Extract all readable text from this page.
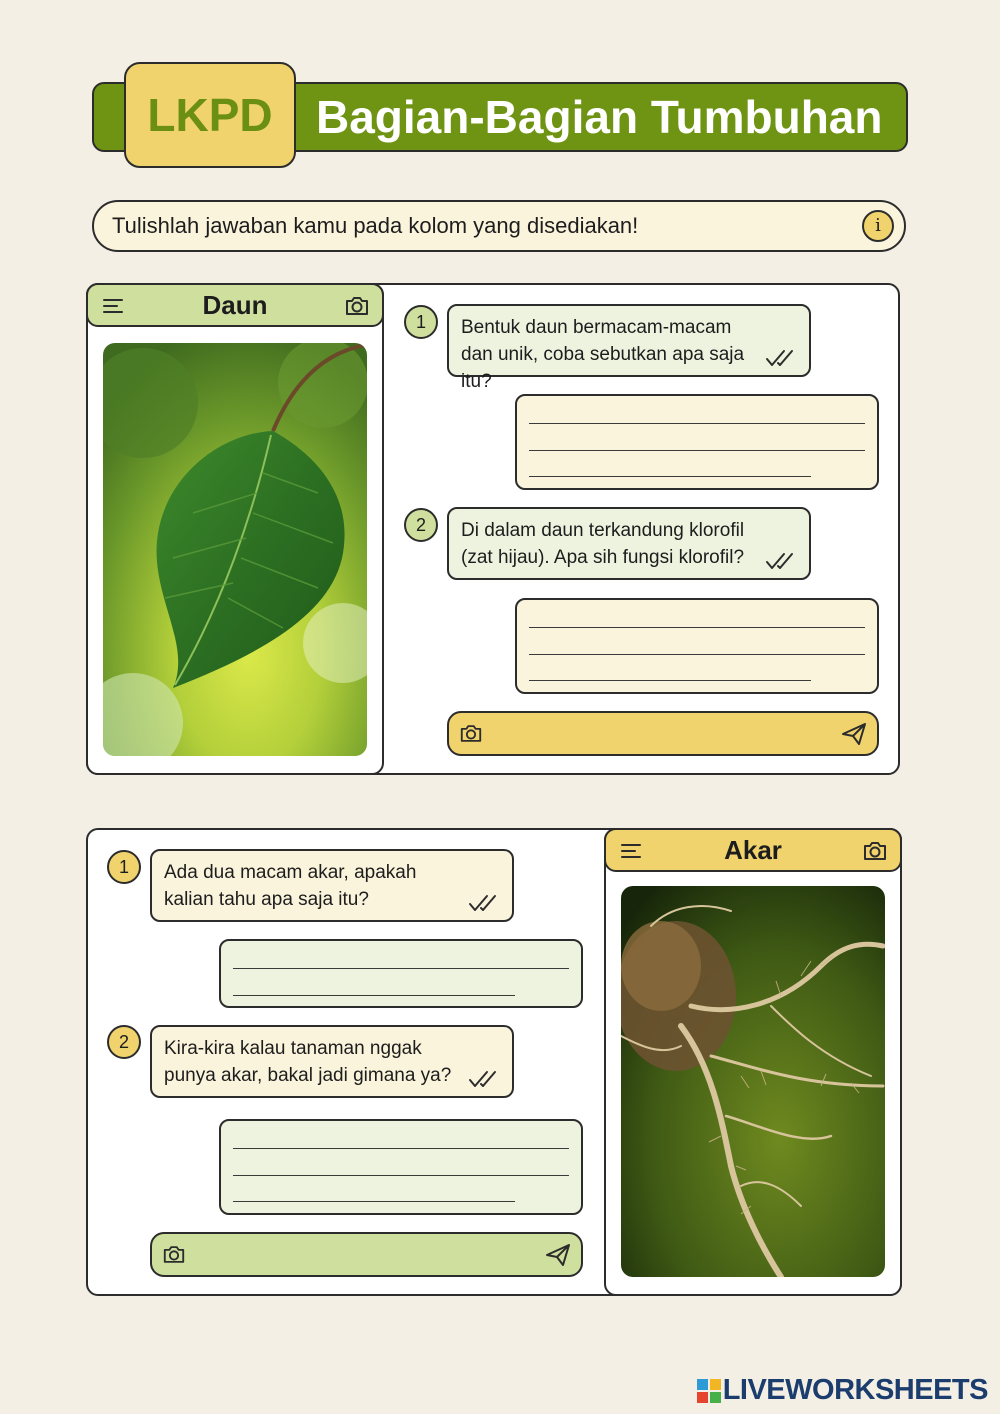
Bagian-Bagian Tumbuhan
LKPD
Tulishlah jawaban kamu pada kolom yang disediakan!	i
Daun
1	Bentuk daun bermacam-macam dan unik, coba sebutkan apa saja itu?
2	Di dalam daun terkandung klorofil (zat hijau). Apa sih fungsi klorofil?
Akar
1	Ada dua macam akar, apakah kalian tahu apa saja itu?
2	Kira-kira kalau tanaman nggak punya akar, bakal jadi gimana ya?
LIVEWORKSHEETS
